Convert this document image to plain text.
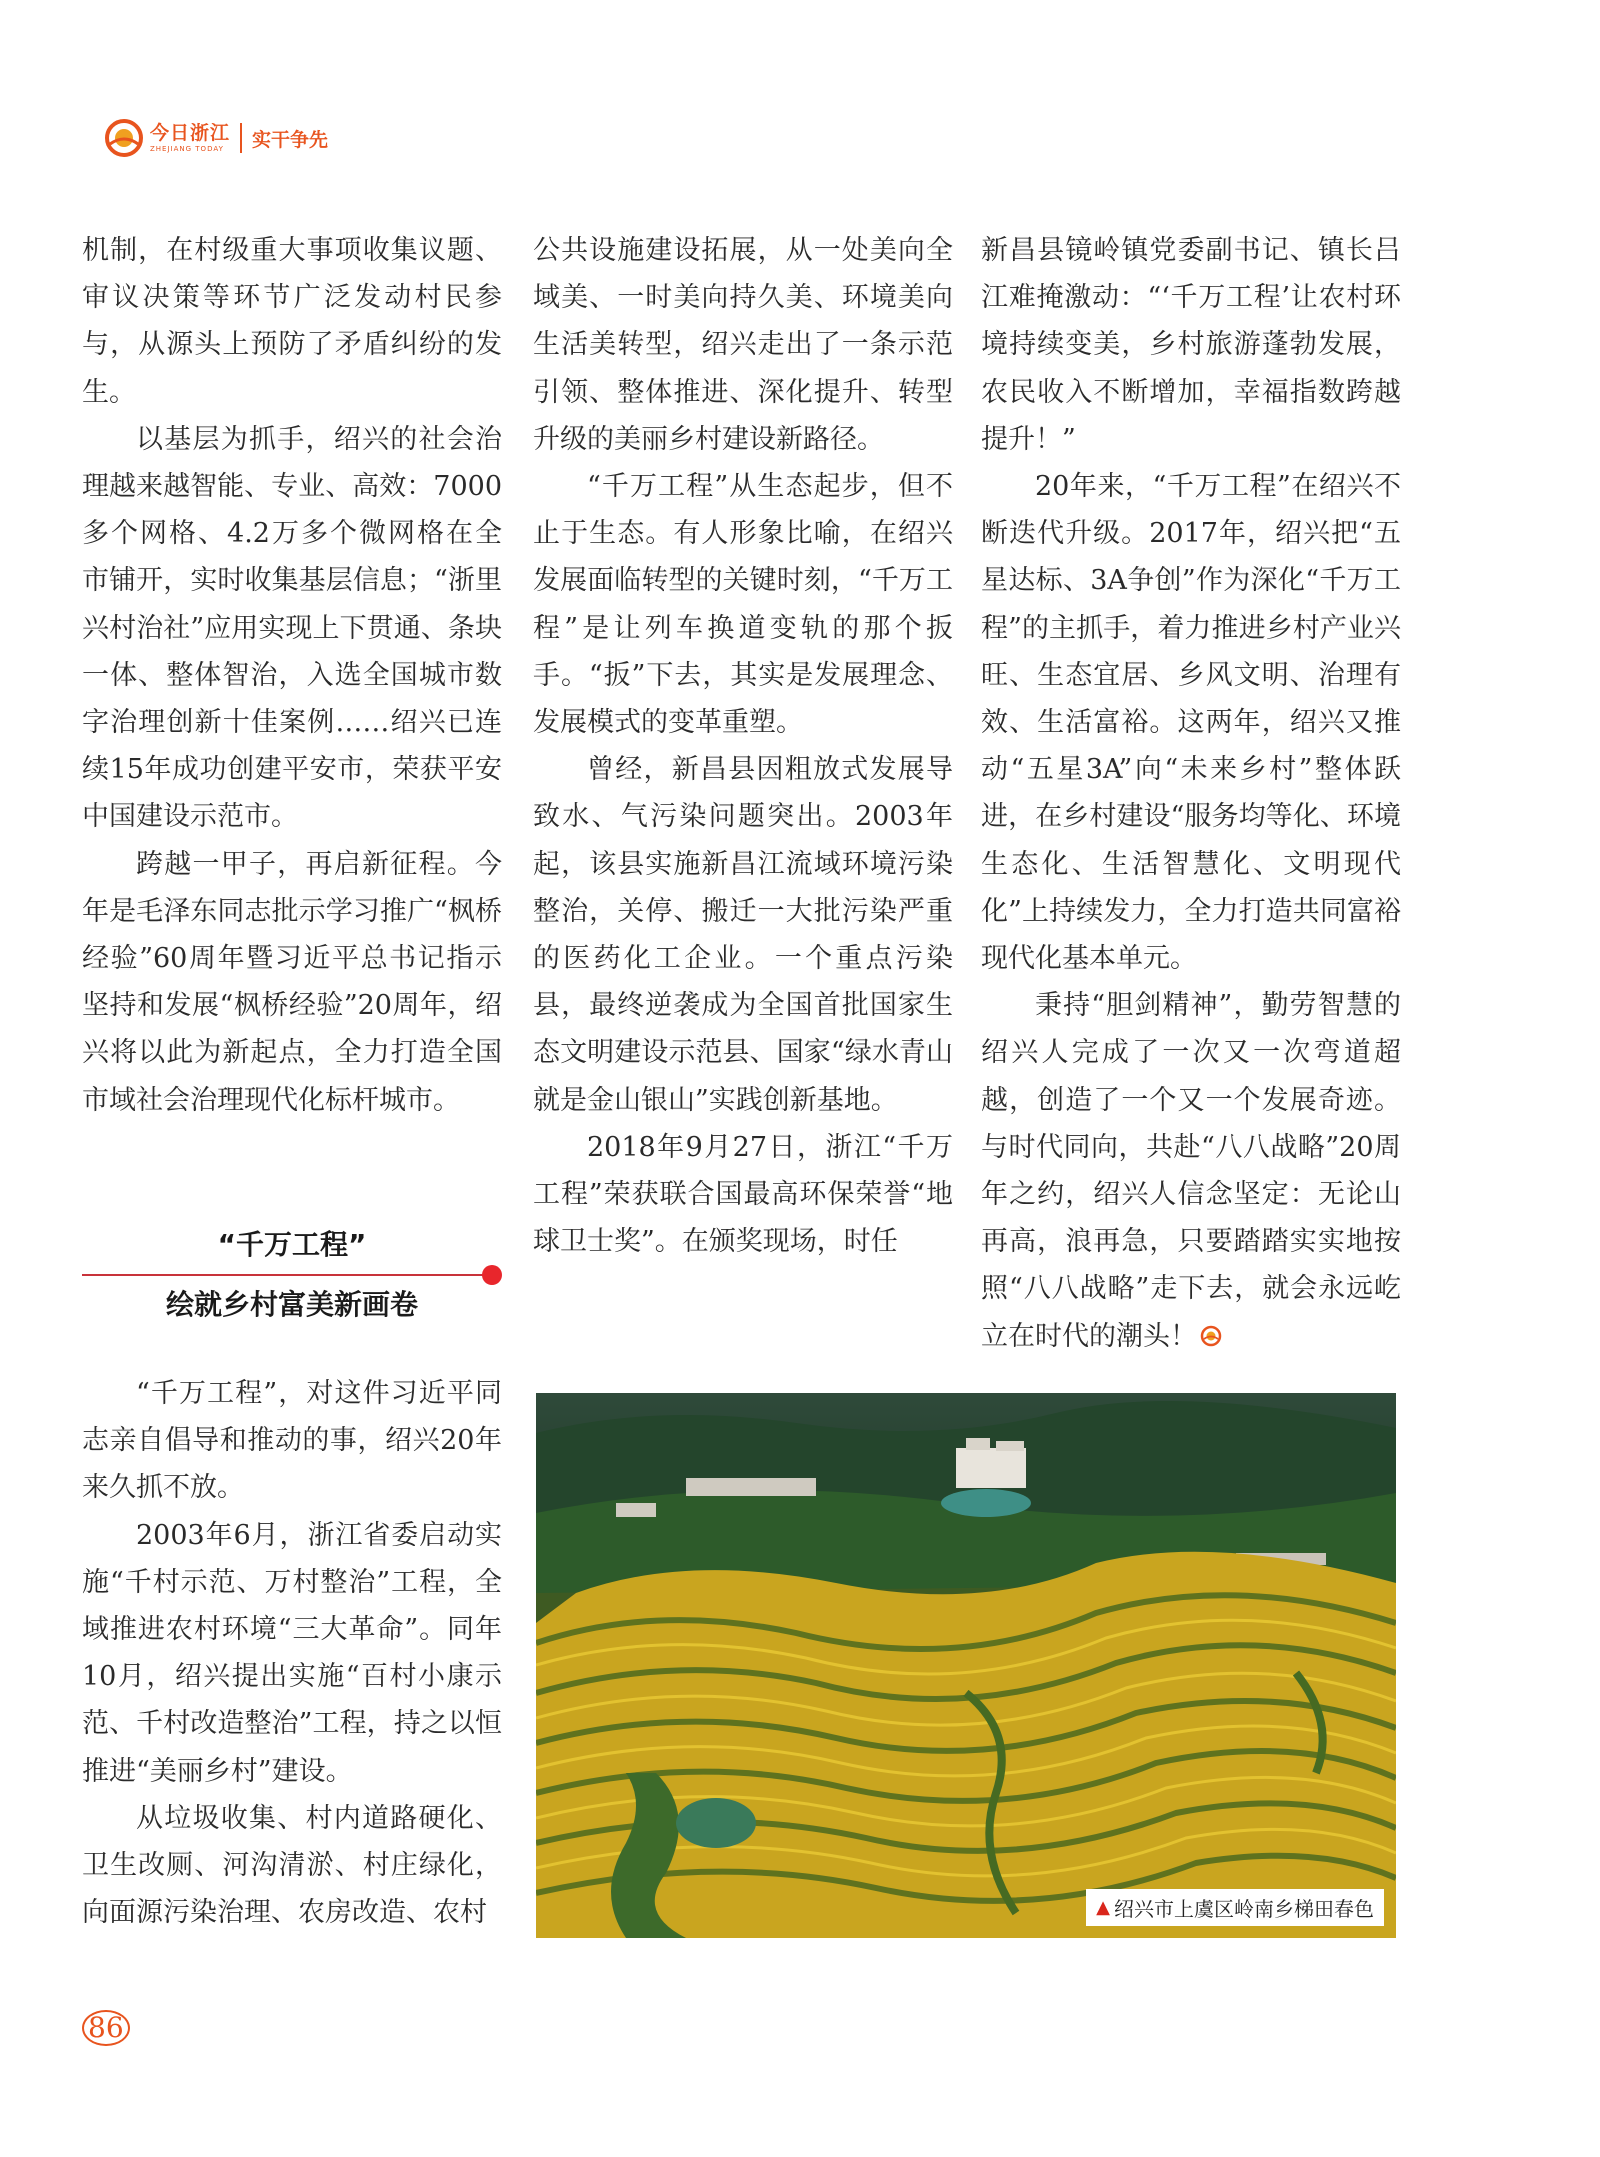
今日浙江
ZHEJIANG TODAY	实干争先

机制，在村级重大事项收集议题、审议决策等环节广泛发动村民参与，从源头上预防了矛盾纠纷的发生。

以基层为抓手，绍兴的社会治理越来越智能、专业、高效：7000多个网格、4.2万多个微网格在全市铺开，实时收集基层信息；“浙里兴村治社”应用实现上下贯通、条块一体、整体智治，入选全国城市数字治理创新十佳案例……绍兴已连续15年成功创建平安市，荣获平安中国建设示范市。

跨越一甲子，再启新征程。今年是毛泽东同志批示学习推广“枫桥经验”60周年暨习近平总书记指示坚持和发展“枫桥经验”20周年，绍兴将以此为新起点，全力打造全国市域社会治理现代化标杆城市。

“千万工程”
绘就乡村富美新画卷

“千万工程”，对这件习近平同志亲自倡导和推动的事，绍兴20年来久抓不放。

2003年6月，浙江省委启动实施“千村示范、万村整治”工程，全域推进农村环境“三大革命”。同年10月，绍兴提出实施“百村小康示范、千村改造整治”工程，持之以恒推进“美丽乡村”建设。

从垃圾收集、村内道路硬化、卫生改厕、河沟清淤、村庄绿化，向面源污染治理、农房改造、农村

公共设施建设拓展，从一处美向全域美、一时美向持久美、环境美向生活美转型，绍兴走出了一条示范引领、整体推进、深化提升、转型升级的美丽乡村建设新路径。

“千万工程”从生态起步，但不止于生态。有人形象比喻，在绍兴发展面临转型的关键时刻，“千万工程”是让列车换道变轨的那个扳手。“扳”下去，其实是发展理念、发展模式的变革重塑。

曾经，新昌县因粗放式发展导致水、气污染问题突出。2003年起，该县实施新昌江流域环境污染整治，关停、搬迁一大批污染严重的医药化工企业。一个重点污染县，最终逆袭成为全国首批国家生态文明建设示范县、国家“绿水青山就是金山银山”实践创新基地。

2018年9月27日，浙江“千万工程”荣获联合国最高环保荣誉“地球卫士奖”。在颁奖现场，时任

新昌县镜岭镇党委副书记、镇长吕江难掩激动：“‘千万工程’让农村环境持续变美，乡村旅游蓬勃发展，农民收入不断增加，幸福指数跨越提升！”

20年来，“千万工程”在绍兴不断迭代升级。2017年，绍兴把“五星达标、3A争创”作为深化“千万工程”的主抓手，着力推进乡村产业兴旺、生态宜居、乡风文明、治理有效、生活富裕。这两年，绍兴又推动“五星3A”向“未来乡村”整体跃进，在乡村建设“服务均等化、环境生态化、生活智慧化、文明现代化”上持续发力，全力打造共同富裕现代化基本单元。

秉持“胆剑精神”，勤劳智慧的绍兴人完成了一次又一次弯道超越，创造了一个又一个发展奇迹。与时代同向，共赴“八八战略”20周年之约，绍兴人信念坚定：无论山再高，浪再急，只要踏踏实实地按照“八八战略”走下去，就会永远屹立在时代的潮头！

▲ 绍兴市上虞区岭南乡梯田春色
86
